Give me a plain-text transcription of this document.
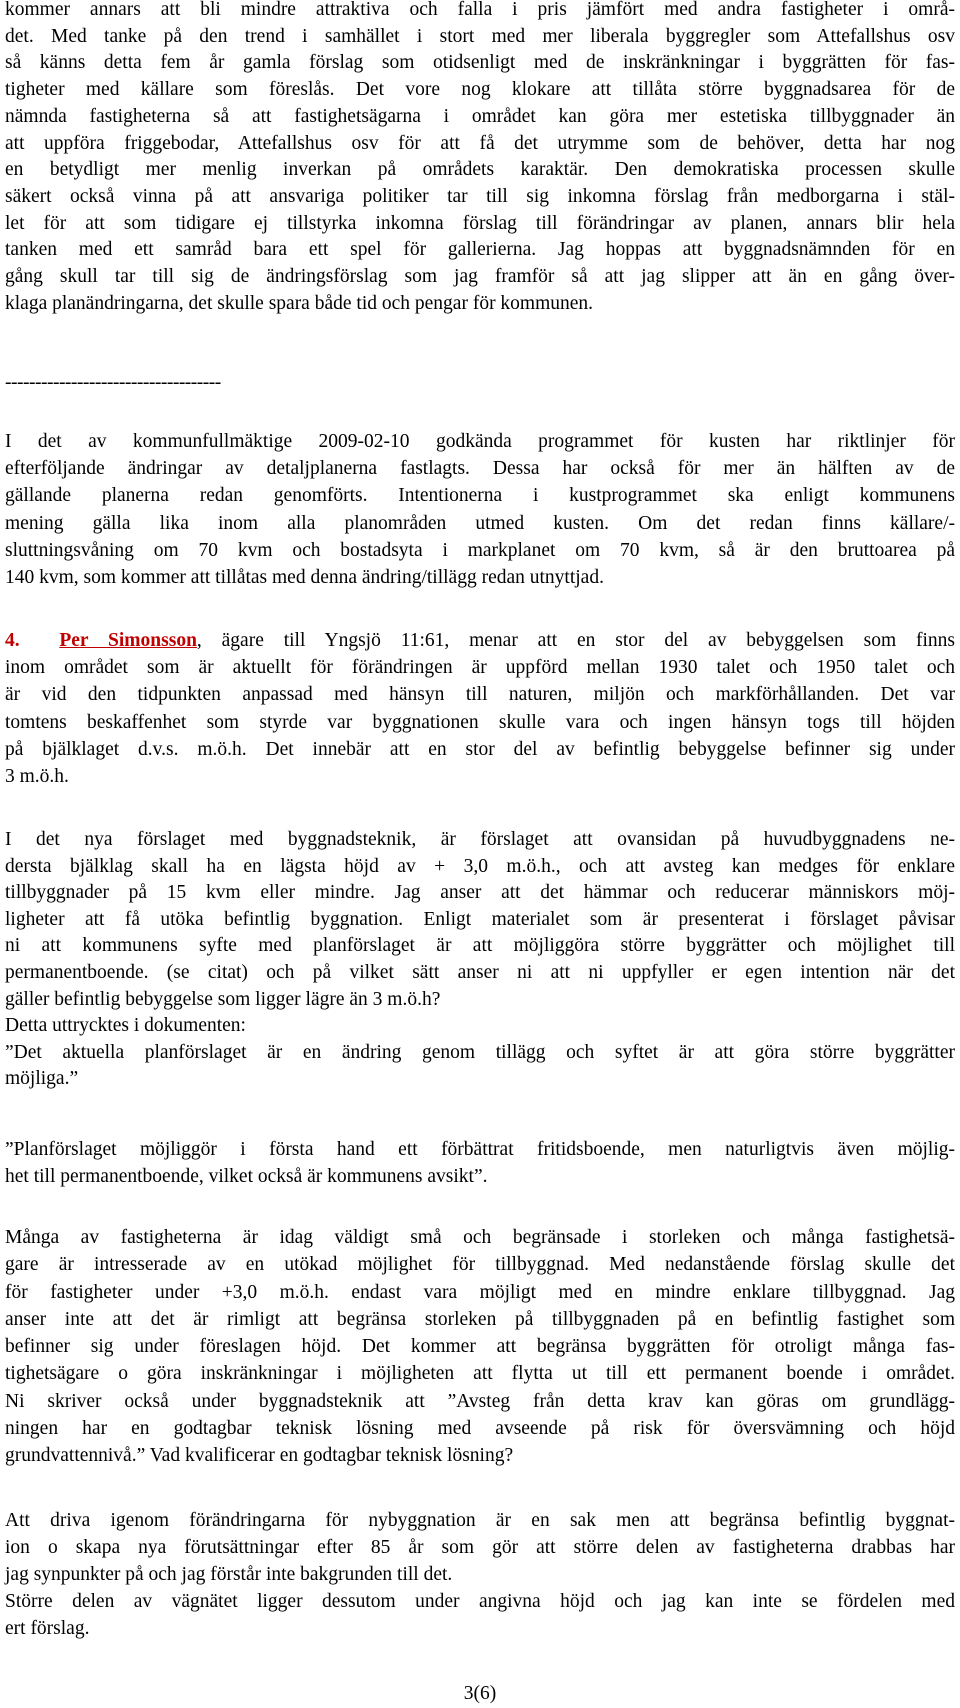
kommer annars att bli mindre attraktiva och falla i pris jämfört med andra fastigheter i områ-
det. Med tanke på den trend i samhället i stort med mer liberala byggregler som Attefallshus osv
så känns detta fem år gamla förslag som otidsenligt med de inskränkningar i byggrätten för fas-
tigheter med källare som föreslås. Det vore nog klokare att tillåta större byggnadsarea för de
nämnda fastigheterna så att fastighetsägarna i området kan göra mer estetiska tillbyggnader än
att uppföra friggebodar, Attefallshus osv för att få det utrymme som de behöver, detta har nog
en betydligt mer menlig inverkan på områdets karaktär. Den demokratiska processen skulle
säkert också vinna på att ansvariga politiker tar till sig inkomna förslag från medborgarna i stäl-
let för att som tidigare ej tillstyrka inkomna förslag till förändringar av planen, annars blir hela
tanken med ett samråd bara ett spel för gallerierna. Jag hoppas att byggnadsnämnden för en
gång skull tar till sig de ändringsförslag som jag framför så att jag slipper att än en gång över-
klaga planändringarna, det skulle spara både tid och pengar för kommunen.
------------------------------------
I det av kommunfullmäktige 2009-02-10 godkända programmet för kusten har riktlinjer för
efterföljande ändringar av detaljplanerna fastlagts. Dessa har också för mer än hälften av de
gällande planerna redan genomförts. Intentionerna i kustprogrammet ska enligt kommunens
mening gälla lika inom alla planområden utmed kusten. Om det redan finns källare/-
sluttningsvåning om 70 kvm och bostadsyta i markplanet om 70 kvm, så är den bruttoarea på
140 kvm, som kommer att tillåtas med denna ändring/tillägg redan utnyttjad.
4. Per Simonsson, ägare till Yngsjö 11:61, menar att en stor del av bebyggelsen som finns
inom området som är aktuellt för förändringen är uppförd mellan 1930 talet och 1950 talet och
är vid den tidpunkten anpassad med hänsyn till naturen, miljön och markförhållanden. Det var
tomtens beskaffenhet som styrde var byggnationen skulle vara och ingen hänsyn togs till höjden
på bjälklaget d.v.s. m.ö.h. Det innebär att en stor del av befintlig bebyggelse befinner sig under
3 m.ö.h.
I det nya förslaget med byggnadsteknik, är förslaget att ovansidan på huvudbyggnadens ne-
dersta bjälklag skall ha en lägsta höjd av + 3,0 m.ö.h., och att avsteg kan medges för enklare
tillbyggnader på 15 kvm eller mindre. Jag anser att det hämmar och reducerar människors möj-
ligheter att få utöka befintlig byggnation. Enligt materialet som är presenterat i förslaget påvisar
ni att kommunens syfte med planförslaget är att möjliggöra större byggrätter och möjlighet till
permanentboende. (se citat) och på vilket sätt anser ni att ni uppfyller er egen intention när det
gäller befintlig bebyggelse som ligger lägre än 3 m.ö.h?
Detta uttrycktes i dokumenten:
”Det aktuella planförslaget är en ändring genom tillägg och syftet är att göra större byggrätter
möjliga.”
”Planförslaget möjliggör i första hand ett förbättrat fritidsboende, men naturligtvis även möjlig-
het till permanentboende, vilket också är kommunens avsikt”.
Många av fastigheterna är idag väldigt små och begränsade i storleken och många fastighetsä-
gare är intresserade av en utökad möjlighet för tillbyggnad. Med nedanstående förslag skulle det
för fastigheter under +3,0 m.ö.h. endast vara möjligt med en mindre enklare tillbyggnad. Jag
anser inte att det är rimligt att begränsa storleken på tillbyggnaden på en befintlig fastighet som
befinner sig under föreslagen höjd. Det kommer att begränsa byggrätten för otroligt många fas-
tighetsägare o göra inskränkningar i möjligheten att flytta ut till ett permanent boende i området.
Ni skriver också under byggnadsteknik att ”Avsteg från detta krav kan göras om grundlägg-
ningen har en godtagbar teknisk lösning med avseende på risk för översvämning och höjd
grundvattennivå.” Vad kvalificerar en godtagbar teknisk lösning?
Att driva igenom förändringarna för nybyggnation är en sak men att begränsa befintlig byggnat-
ion o skapa nya förutsättningar efter 85 år som gör att större delen av fastigheterna drabbas har
jag synpunkter på och jag förstår inte bakgrunden till det.
Större delen av vägnätet ligger dessutom under angivna höjd och jag kan inte se fördelen med
ert förslag.
3(6)
